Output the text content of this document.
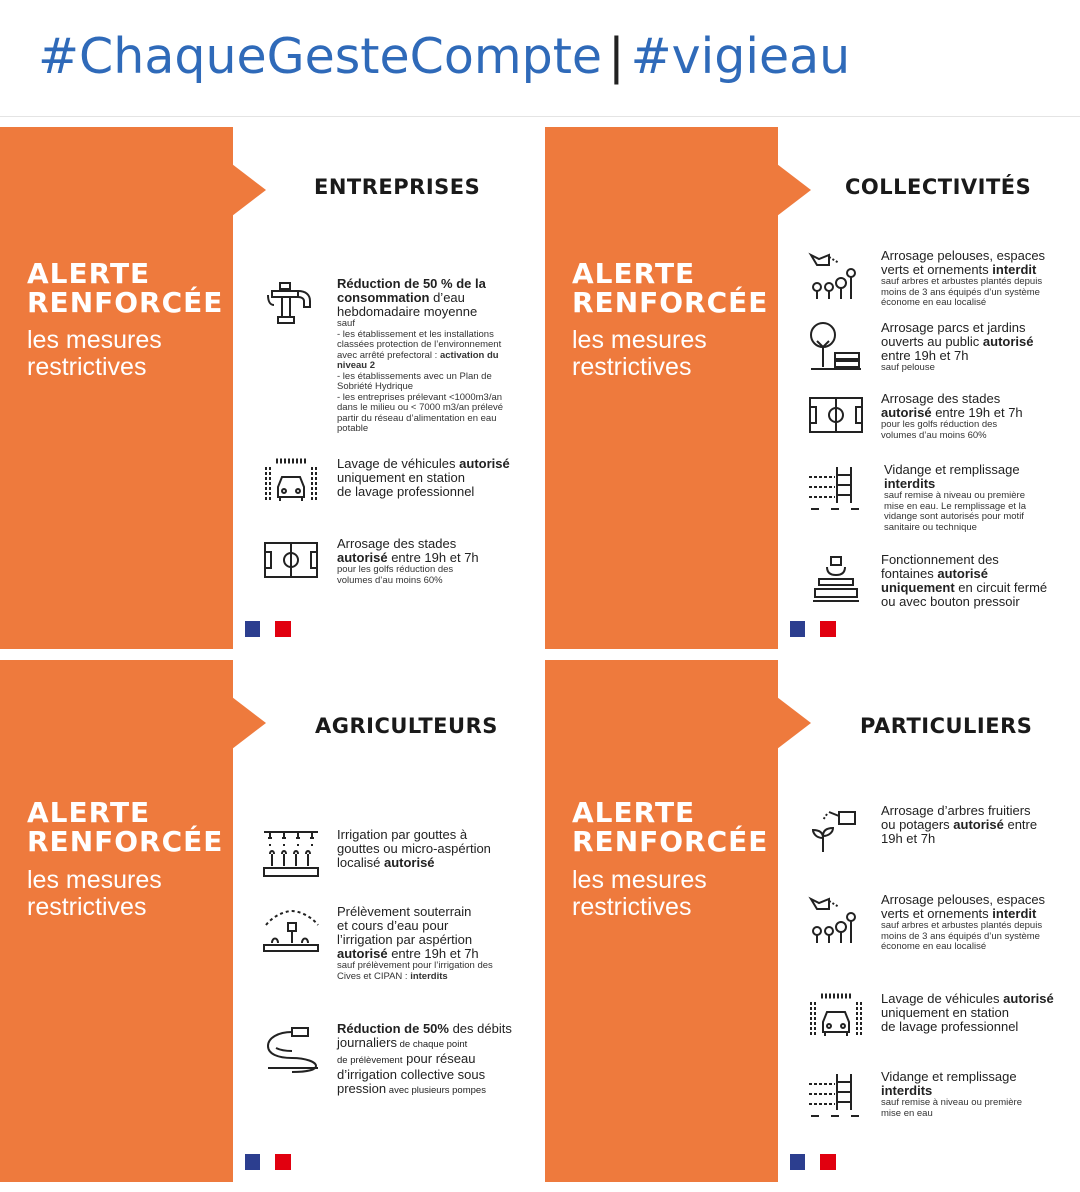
#ChaqueGesteCompte | #vigieau
ALERTE
RENFORCÉE
les mesures
restrictives
ENTREPRISES
Réduction de 50 % de la
consommation d’eau
hebdomadaire moyenne
sauf
- les établissement et les installations
classées protection de l’environnement
avec arrêté prefectoral : activation du
niveau 2
- les établissements avec un Plan de
Sobriété Hydrique
- les entreprises prélevant <1000m3/an
dans le milieu ou < 7000 m3/an prélevé
partir du réseau d’alimentation en eau
potable
Lavage de véhicules autorisé
uniquement en station
de lavage professionnel
Arrosage des stades
autorisé entre 19h et 7h
pour les golfs réduction des
volumes d’au moins 60%
ALERTE
RENFORCÉE
les mesures
restrictives
COLLECTIVITÉS
Arrosage pelouses, espaces
verts et ornements interdit
sauf arbres et arbustes plantés depuis
moins de 3 ans équipés d’un système
économe en eau localisé
Arrosage parcs et jardins
ouverts au public autorisé
entre 19h et 7h
sauf pelouse
Arrosage des stades
autorisé entre 19h et 7h
pour les golfs réduction des
volumes d’au moins 60%
Vidange et remplissage
interdits
sauf remise à niveau ou première
mise en eau. Le remplissage et la
vidange sont autorisés pour motif
sanitaire ou technique
Fonctionnement des
fontaines autorisé
uniquement en circuit fermé
ou avec bouton pressoir
ALERTE
RENFORCÉE
les mesures
restrictives
AGRICULTEURS
Irrigation par gouttes à
gouttes ou micro-aspértion
localisé autorisé
Prélèvement souterrain
et cours d’eau pour
l’irrigation par aspértion
autorisé entre 19h et 7h
sauf prélèvement pour l’irrigation des
Cives et CIPAN : interdits
Réduction de 50% des débits
journaliers de chaque point
de prélèvement pour réseau
d’irrigation collective sous
pression avec plusieurs pompes
ALERTE
RENFORCÉE
les mesures
restrictives
PARTICULIERS
Arrosage d’arbres fruitiers
ou potagers autorisé entre
19h et 7h
Arrosage pelouses, espaces
verts et ornements interdit
sauf arbres et arbustes plantés depuis
moins de 3 ans équipés d’un système
économe en eau localisé
Lavage de véhicules autorisé
uniquement en station
de lavage professionnel
Vidange et remplissage
interdits
sauf remise à niveau ou première
mise en eau
